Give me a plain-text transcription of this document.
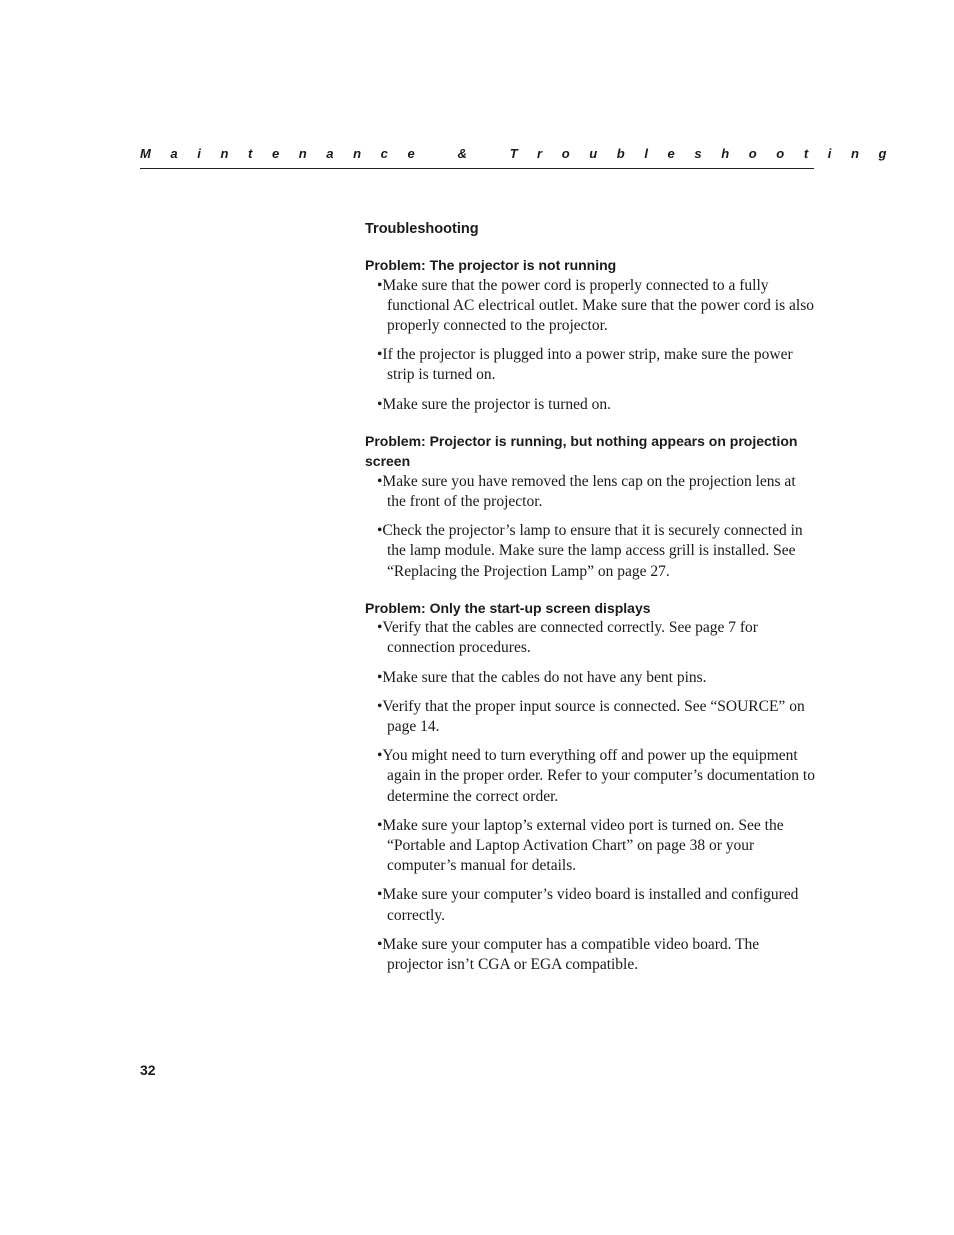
Maintenance & Troubleshooting
Troubleshooting
Problem: The projector is not running
•Make sure that the power cord is properly connected to a fully functional AC electrical outlet. Make sure that the power cord is also properly connected to the projector.
•If the projector is plugged into a power strip, make sure the power strip is turned on.
•Make sure the projector is turned on.
Problem: Projector is running, but nothing appears on projection screen
•Make sure you have removed the lens cap on the projection lens at the front of the projector.
•Check the projector’s lamp to ensure that it is securely connected in the lamp module. Make sure the lamp access grill is installed. See “Replacing the Projection Lamp” on page 27.
Problem: Only the start-up screen displays
•Verify that the cables are connected correctly. See page 7 for connection procedures.
•Make sure that the cables do not have any bent pins.
•Verify that the proper input source is connected. See “SOURCE” on page 14.
•You might need to turn everything off and power up the equipment again in the proper order. Refer to your computer’s documentation to determine the correct order.
•Make sure your laptop’s external video port is turned on. See the “Portable and Laptop Activation Chart” on page 38 or your computer’s manual for details.
•Make sure your computer’s video board is installed and configured correctly.
•Make sure your computer has a compatible video board. The projector isn’t CGA or EGA compatible.
32
